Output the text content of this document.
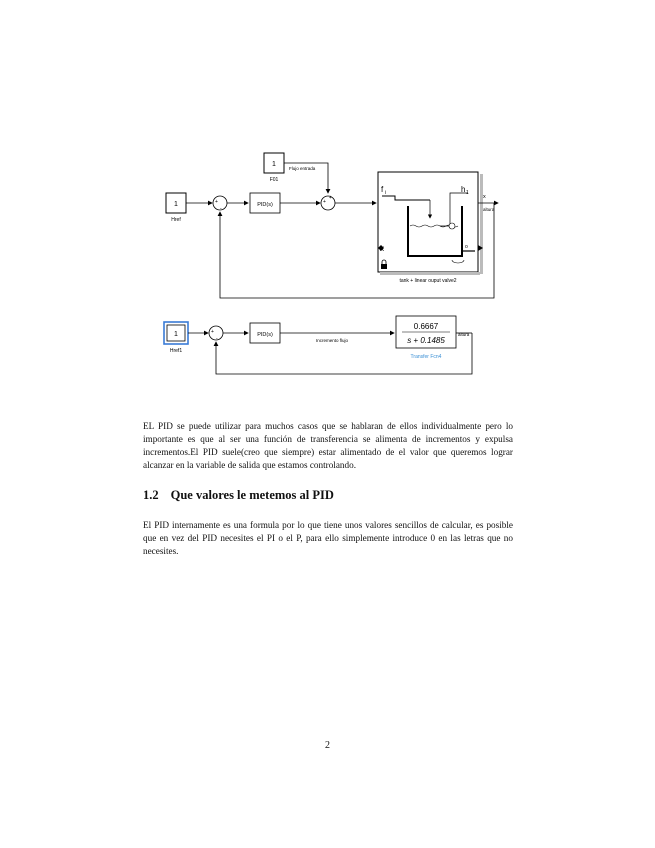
1
Href
1
F01
Flujo entrada
+
-
PID(s)	+
+
f i	h 1
f o
tank + linear ouput valve2
x
altura
1
Href1
+
-
PID(s)
Incremento flujo
0.6667
s + 0.1485
Transfer Fcn4
altura

EL PID se puede utilizar para muchos casos que se hablaran de ellos individualmente pero lo importante es que al ser una función de transferencia se alimenta de incrementos y expulsa incrementos.El PID suele(creo que siempre) estar alimentado de el valor que queremos lograr alcanzar en la variable de salida que estamos controlando.

1.2 Que valores le metemos al PID

El PID internamente es una formula por lo que tiene unos valores sencillos de calcular, es posible que en vez del PID necesites el PI o el P, para ello simplemente introduce 0 en las letras que no necesites.

2
